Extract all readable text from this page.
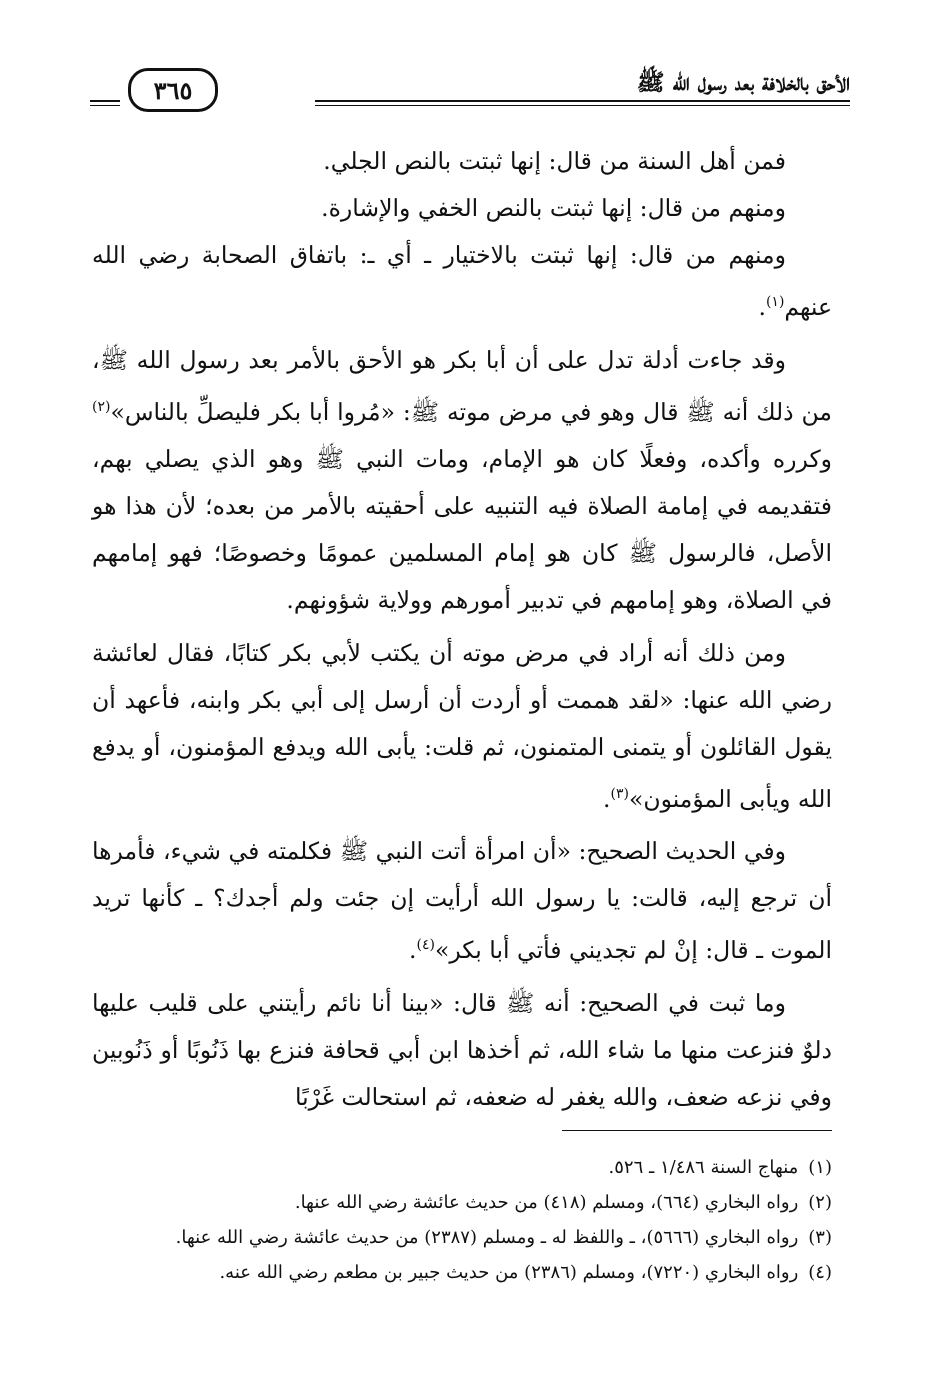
الأحق بالخلافة بعد رسول الله ﷺ
٣٦٥

فمن أهل السنة من قال: إنها ثبتت بالنص الجلي.

ومنهم من قال: إنها ثبتت بالنص الخفي والإشارة.

ومنهم من قال: إنها ثبتت بالاختيار ـ أي ـ: باتفاق الصحابة رضي الله عنهم$^{(١)}$.

وقد جاءت أدلة تدل على أن أبا بكر هو الأحق بالأمر بعد رسول الله ﷺ، من ذلك أنه ﷺ قال وهو في مرض موته ﷺ: «مُروا أبا بكر فليصلِّ بالناس»$^{(٢)}$ وكرره وأكده، وفعلًا كان هو الإمام، ومات النبي ﷺ وهو الذي يصلي بهم، فتقديمه في إمامة الصلاة فيه التنبيه على أحقيته بالأمر من بعده؛ لأن هذا هو الأصل، فالرسول ﷺ كان هو إمام المسلمين عمومًا وخصوصًا؛ فهو إمامهم في الصلاة، وهو إمامهم في تدبير أمورهم وولاية شؤونهم.

ومن ذلك أنه أراد في مرض موته أن يكتب لأبي بكر كتابًا، فقال لعائشة رضي الله عنها: «لقد هممت أو أردت أن أرسل إلى أبي بكر وابنه، فأعهد أن يقول القائلون أو يتمنى المتمنون، ثم قلت: يأبى الله ويدفع المؤمنون، أو يدفع الله ويأبى المؤمنون»$^{(٣)}$.

وفي الحديث الصحيح: «أن امرأة أتت النبي ﷺ فكلمته في شيء، فأمرها أن ترجع إليه، قالت: يا رسول الله أرأيت إن جئت ولم أجدك؟ ـ كأنها تريد الموت ـ قال: إنْ لم تجديني فأتي أبا بكر»$^{(٤)}$.

وما ثبت في الصحيح: أنه ﷺ قال: «بينا أنا نائم رأيتني على قليب عليها دلوٌ فنزعت منها ما شاء الله، ثم أخذها ابن أبي قحافة فنزع بها ذَنُوبًا أو ذَنُوبين وفي نزعه ضعف، والله يغفر له ضعفه، ثم استحالت غَرْبًا

(١)
منهاج السنة ١/٤٨٦ ـ ٥٢٦.

(٢)
رواه البخاري (٦٦٤)، ومسلم (٤١٨) من حديث عائشة رضي الله عنها.

(٣)
رواه البخاري (٥٦٦٦)، ـ واللفظ له ـ ومسلم (٢٣٨٧) من حديث عائشة رضي الله عنها.

(٤)
رواه البخاري (٧٢٢٠)، ومسلم (٢٣٨٦) من حديث جبير بن مطعم رضي الله عنه.
